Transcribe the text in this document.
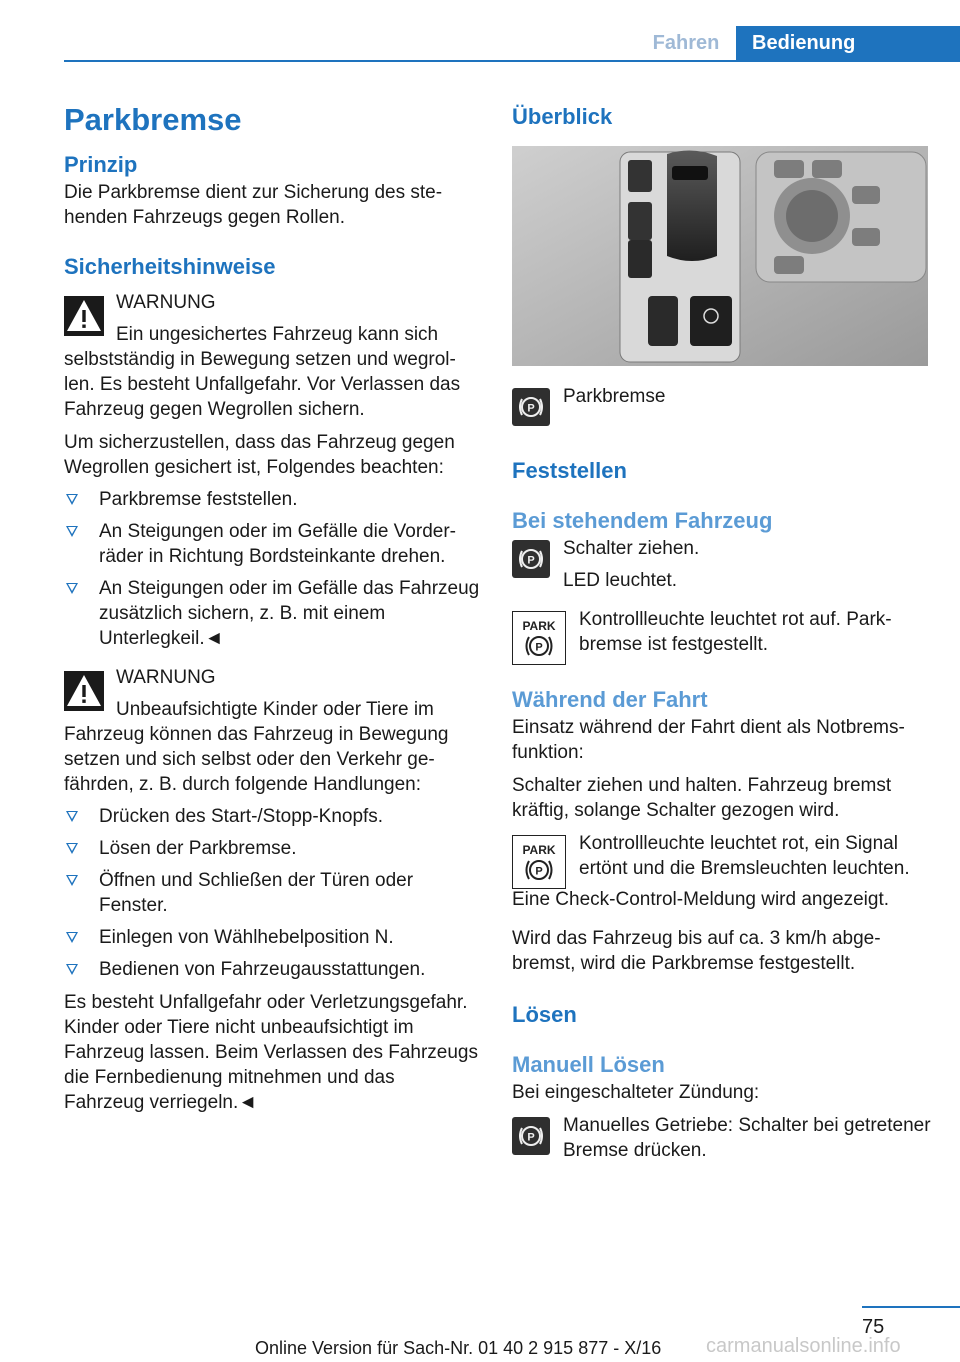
Fahren	Bedienung
Parkbremse
Prinzip

Die Parkbremse dient zur Sicherung des stehenden Fahrzeugs gegen Rollen.

Sicherheitshinweise

WARNUNG

Ein ungesichertes Fahrzeug kann sich selbstständig in Bewegung setzen und wegrollen. Es besteht Unfallgefahr. Vor Verlassen das Fahrzeug gegen Wegrollen sichern.

Um sicherzustellen, dass das Fahrzeug gegen Wegrollen gesichert ist, Folgendes beachten:

Parkbremse feststellen.
An Steigungen oder im Gefälle die Vorderräder in Richtung Bordsteinkante drehen.
An Steigungen oder im Gefälle das Fahrzeug zusätzlich sichern, z. B. mit einem Unterlegkeil.◄

WARNUNG

Unbeaufsichtigte Kinder oder Tiere im Fahrzeug können das Fahrzeug in Bewegung setzen und sich selbst oder den Verkehr gefährden, z. B. durch folgende Handlungen:

Drücken des Start-/Stopp-Knopfs.
Lösen der Parkbremse.
Öffnen und Schließen der Türen oder Fenster.
Einlegen von Wählhebelposition N.
Bedienen von Fahrzeugausstattungen.

Es besteht Unfallgefahr oder Verletzungsgefahr. Kinder oder Tiere nicht unbeaufsichtigt im Fahrzeug lassen. Beim Verlassen des Fahrzeugs die Fernbedienung mitnehmen und das Fahrzeug verriegeln.◄

Überblick
P

Parkbremse

Feststellen
Bei stehendem Fahrzeug
P

Schalter ziehen.

LED leuchtet.

PARK
P

Kontrollleuchte leuchtet rot auf. Parkbremse ist festgestellt.

Während der Fahrt

Einsatz während der Fahrt dient als Notbremsfunktion:

Schalter ziehen und halten. Fahrzeug bremst kräftig, solange Schalter gezogen wird.

PARK
P

Kontrollleuchte leuchtet rot, ein Signal ertönt und die Bremsleuchten leuchten.

Eine Check-Control-Meldung wird angezeigt.

Wird das Fahrzeug bis auf ca. 3 km/h abgebremst, wird die Parkbremse festgestellt.

Lösen
Manuell Lösen

Bei eingeschalteter Zündung:

P

Manuelles Getriebe: Schalter bei getretener Bremse drücken.

75
Online Version für Sach-Nr. 01 40 2 915 877 - X/16 carmanualsonline.info
